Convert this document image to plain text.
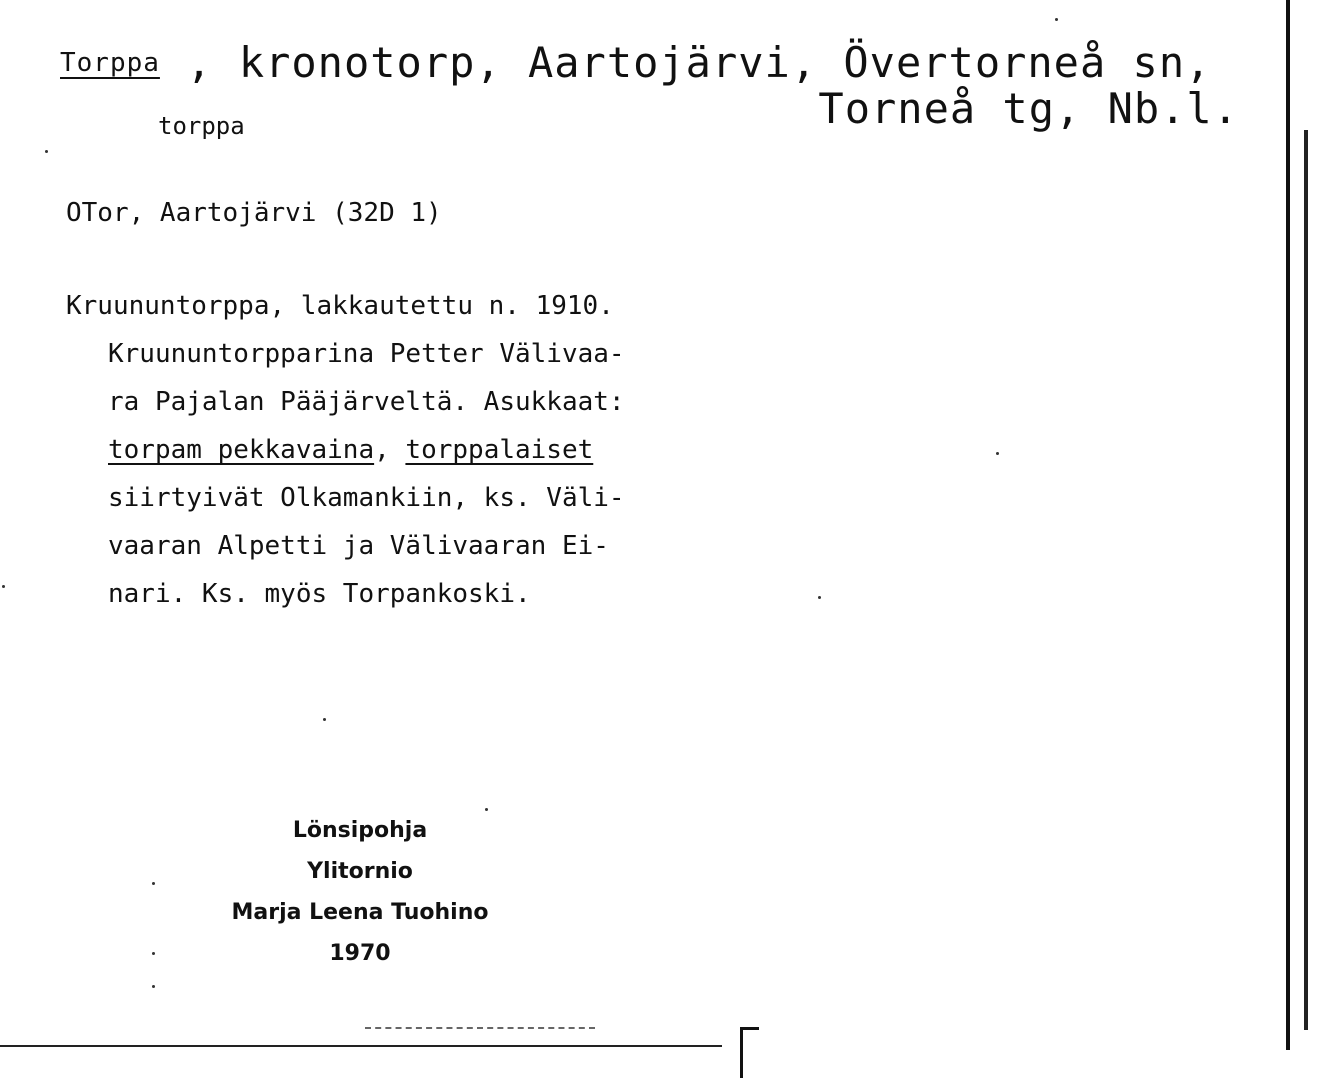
Torppa , kronotorp, Aartojärvi, Övertorneå sn,
Torneå tg, Nb.l.
torppa
OTor, Aartojärvi (32D 1)
Kruununtorppa, lakkautettu n. 1910.
Kruununtorpparina Petter Välivaa-
ra Pajalan Pääjärveltä. Asukkaat:
torpam pekkavaina, torppalaiset
siirtyivät Olkamankiin, ks. Väli-
vaaran Alpetti ja Välivaaran Ei-
nari. Ks. myös Torpankoski.
Lönsipohja
Ylitornio
Marja Leena Tuohino
1970
